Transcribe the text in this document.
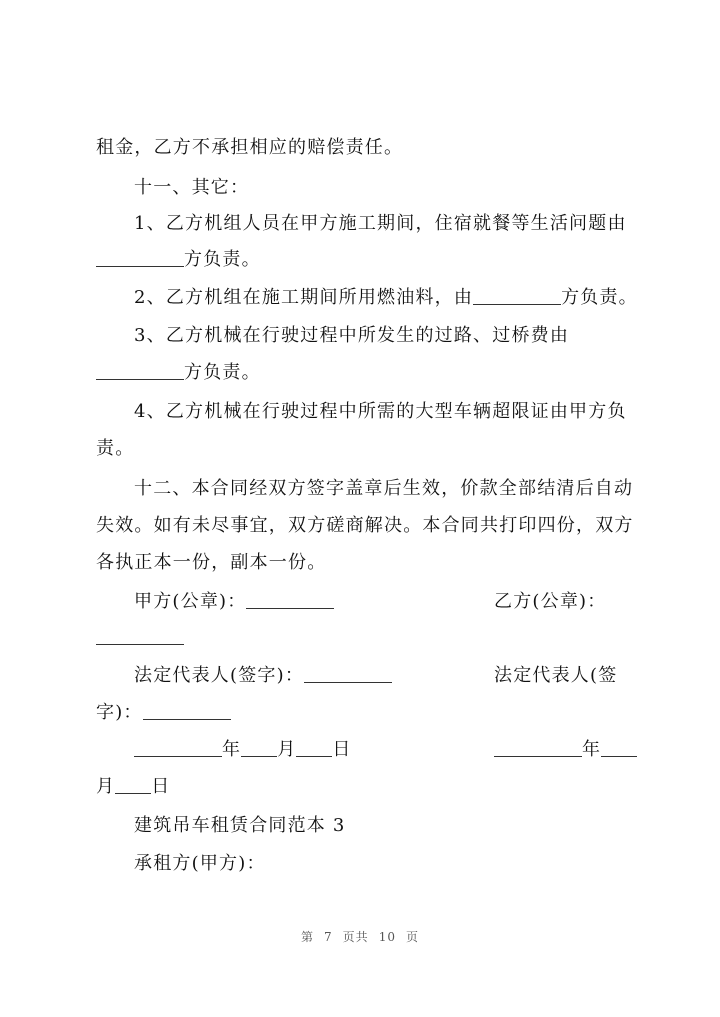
租金，乙方不承担相应的赔偿责任。
十一、其它：
1、乙方机组人员在甲方施工期间，住宿就餐等生活问题由
方负责。
2、乙方机组在施工期间所用燃油料，由	方负责。
3、乙方机械在行驶过程中所发生的过路、过桥费由
方负责。
4、乙方机械在行驶过程中所需的大型车辆超限证由甲方负
责。
十二、本合同经双方签字盖章后生效，价款全部结清后自动
失效。如有未尽事宜，双方磋商解决。本合同共打印四份，双方
各执正本一份，副本一份。
甲方(公章)：	乙方(公章)：
法定代表人(签字)：	法定代表人(签
字)：
年 月 日	年
月 日
建筑吊车租赁合同范本 3
承租方(甲方)：
第 7 页共 10 页
